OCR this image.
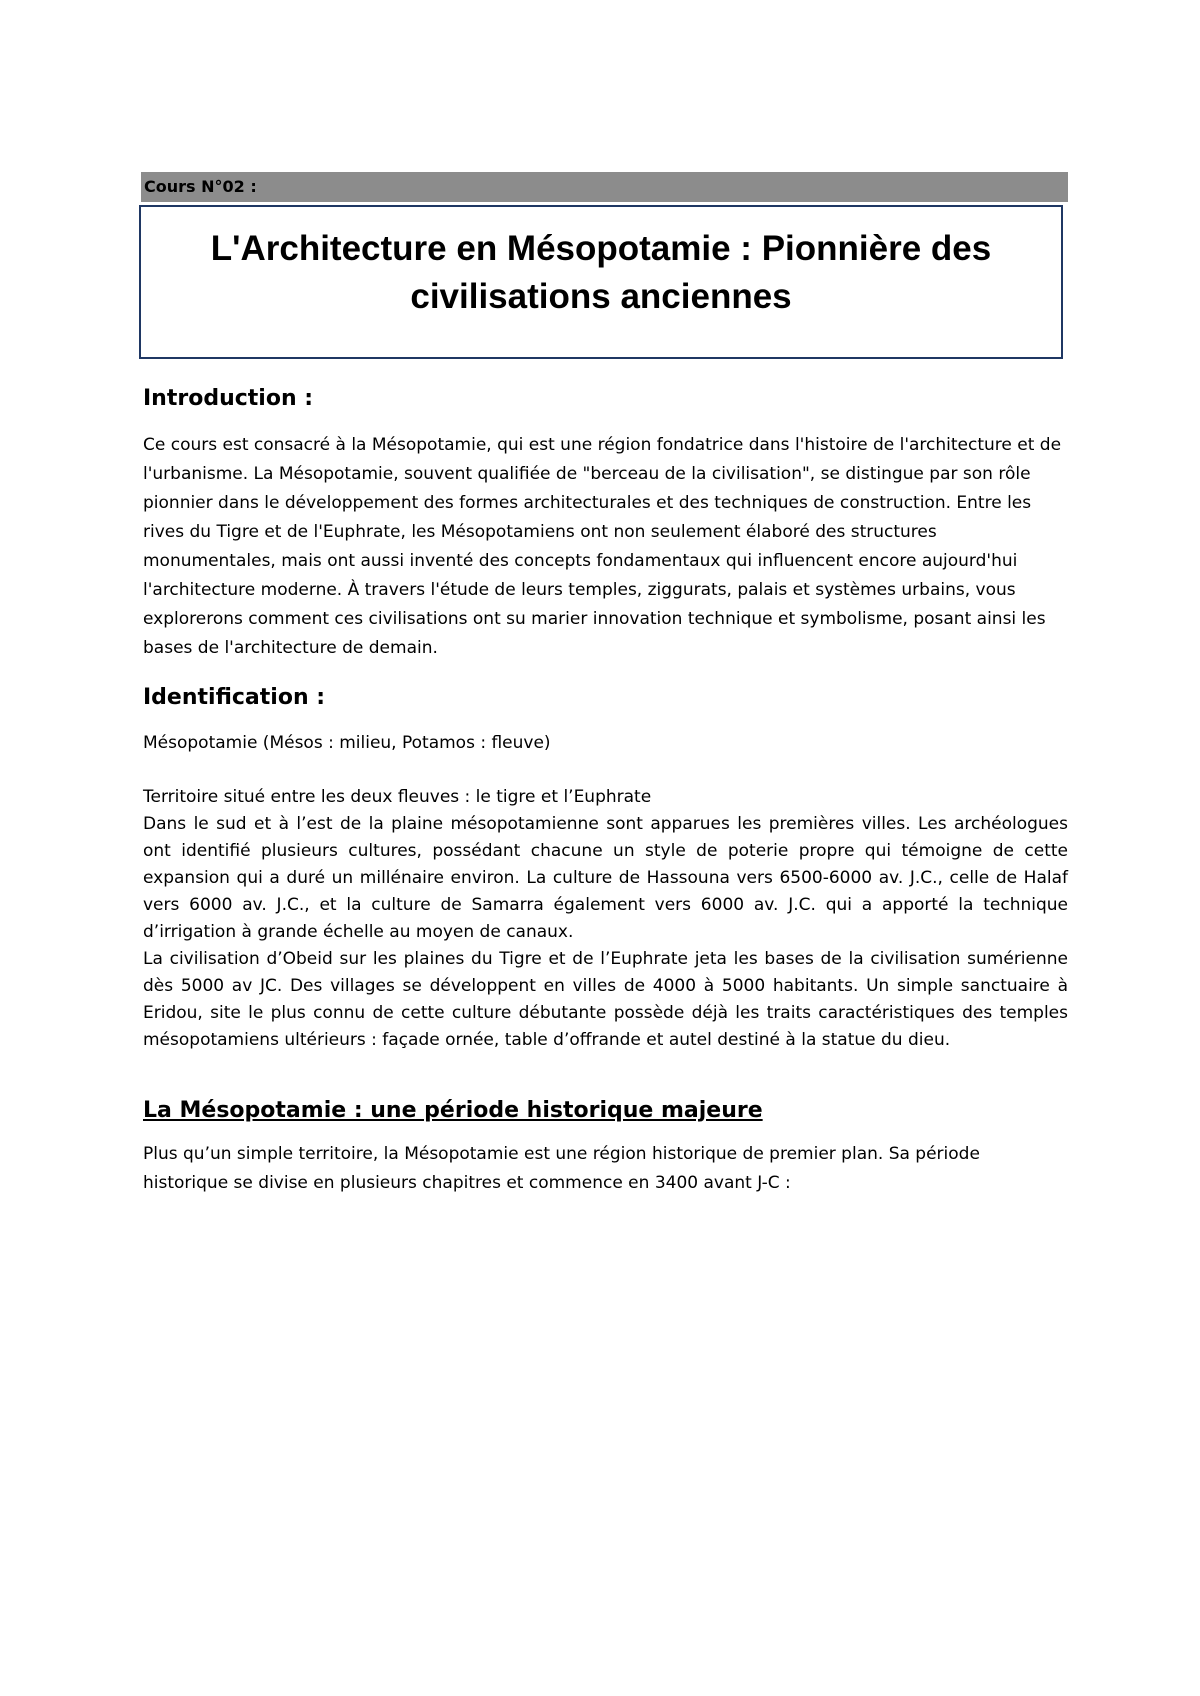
Cours N°02 :
L'Architecture en Mésopotamie : Pionnière des civilisations anciennes

Introduction :

Ce cours est consacré à la Mésopotamie, qui est une région fondatrice dans l'histoire de l'architecture et de l'urbanisme. La Mésopotamie, souvent qualifiée de "berceau de la civilisation", se distingue par son rôle pionnier dans le développement des formes architecturales et des techniques de construction. Entre les rives du Tigre et de l'Euphrate, les Mésopotamiens ont non seulement élaboré des structures monumentales, mais ont aussi inventé des concepts fondamentaux qui influencent encore aujourd'hui l'architecture moderne. À travers l'étude de leurs temples, ziggurats, palais et systèmes urbains, vous explorerons comment ces civilisations ont su marier innovation technique et symbolisme, posant ainsi les bases de l'architecture de demain.

Identification :

Mésopotamie (Mésos : milieu, Potamos : fleuve)

Territoire situé entre les deux fleuves : le tigre et l’Euphrate

Dans le sud et à l’est de la plaine mésopotamienne sont apparues les premières villes. Les archéologues ont identifié plusieurs cultures, possédant chacune un style de poterie propre qui témoigne de cette expansion qui a duré un millénaire environ. La culture de Hassouna vers 6500-6000 av. J.C., celle de Halaf vers 6000 av. J.C., et la culture de Samarra également vers 6000 av. J.C. qui a apporté la technique d’irrigation à grande échelle au moyen de canaux.

La civilisation d’Obeid sur les plaines du Tigre et de l’Euphrate jeta les bases de la civilisation sumérienne dès 5000 av JC. Des villages se développent en villes de 4000 à 5000 habitants. Un simple sanctuaire à Eridou, site le plus connu de cette culture débutante possède déjà les traits caractéristiques des temples mésopotamiens ultérieurs : façade ornée, table d’offrande et autel destiné à la statue du dieu.

La Mésopotamie : une période historique majeure

Plus qu’un simple territoire, la Mésopotamie est une région historique de premier plan. Sa période historique se divise en plusieurs chapitres et commence en 3400 avant J-C :
